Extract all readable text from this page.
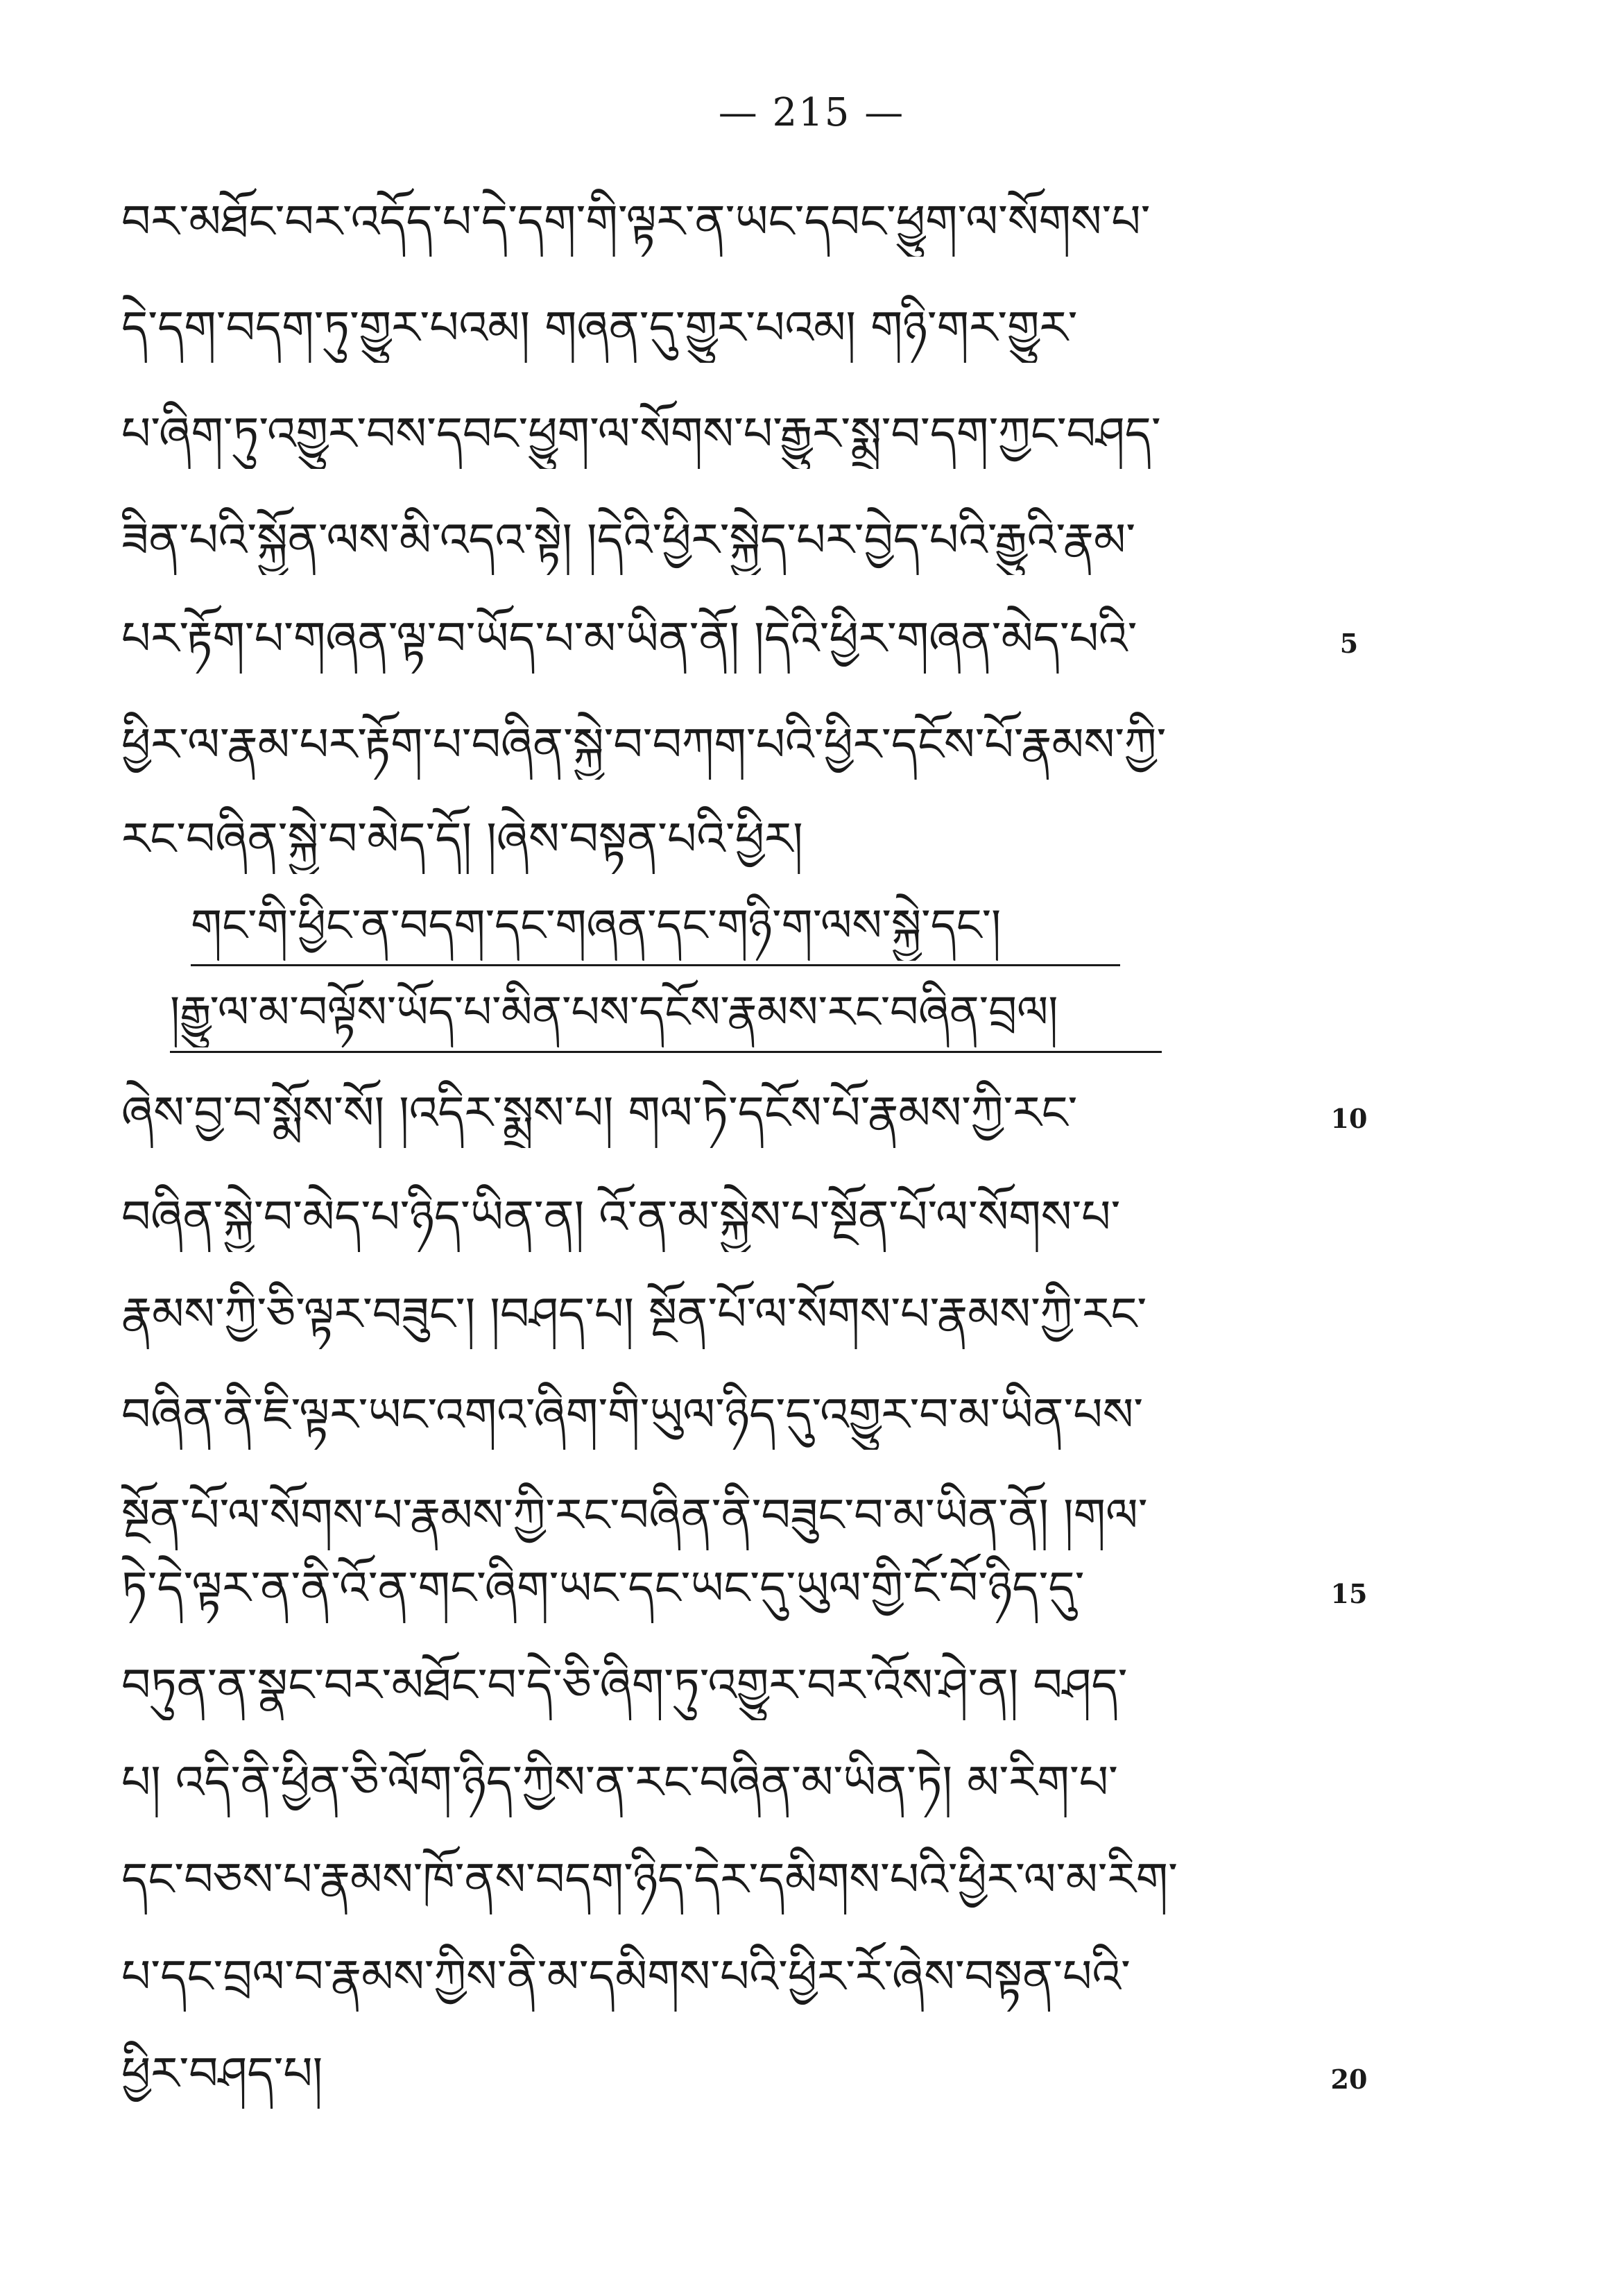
— 215 —
བར་མཐོང་བར་འདོད་པ་དེ་དག་གི་ལྟར་ན་ཡང་དབང་ཕྱུག་ལ་སོགས་པ་
དེ་དག་བདག་ཏུ་གྱུར་པའམ། གཞན་དུ་གྱུར་པའམ། གཉི་གར་གྱུར་
པ་ཞིག་ཏུ་འགྱུར་བས་དབང་ཕྱུག་ལ་སོགས་པ་རྒྱུར་སྨྲ་བ་དག་ཀྱང་བཤད་
ཟིན་པའི་སྐྱོན་ལས་མི་འདའ་སྟེ། །དེའི་ཕྱིར་སྐྱེད་པར་བྱེད་པའི་རྒྱུའི་རྣམ་
པར་རྟོག་པ་གཞན་ལྟ་བ་ཡོད་པ་མ་ཡིན་ནོ། །དེའི་ཕྱིར་གཞན་མེད་པའི་	5
ཕྱིར་ལ་རྣམ་པར་རྟོག་པ་བཞིན་སྐྱེ་བ་བཀག་པའི་ཕྱིར་དངོས་པོ་རྣམས་ཀྱི་
རང་བཞིན་སྐྱེ་བ་མེད་དོ། །ཞེས་བསྟན་པའི་ཕྱིར།
གང་གི་ཕྱིང་ན་བདག་དང་གཞན་དང་གཉི་ག་ལས་སྐྱེ་དང་།
།རྒྱུ་ལ་མ་བལྟོས་ཡོད་པ་མིན་པས་དངོས་རྣམས་རང་བཞིན་བྲལ།
ཞེས་བྱ་བ་སྨོས་སོ། །འདིར་སྨྲས་པ། གལ་ཏེ་དངོས་པོ་རྣམས་ཀྱི་རང་	10
བཞིན་སྐྱེ་བ་མེད་པ་ཉིད་ཡིན་ན། འོ་ན་མ་སྐྱེས་པ་སྔོན་པོ་ལ་སོགས་པ་
རྣམས་ཀྱི་ཅི་ལྟར་བཟུང་། །བཤད་པ། སྔོན་པོ་ལ་སོགས་པ་རྣམས་ཀྱི་རང་
བཞིན་ནི་ཇི་ལྟར་ཡང་འགའ་ཞིག་གི་ཡུལ་ཉིད་དུ་འགྱུར་བ་མ་ཡིན་པས་
སྔོན་པོ་ལ་སོགས་པ་རྣམས་ཀྱི་རང་བཞིན་ནི་བཟུང་བ་མ་ཡིན་ནོ། །གལ་
ཏེ་དེ་ལྟར་ན་ནི་འོ་ན་གང་ཞིག་ཡང་དང་ཡང་དུ་ཡུལ་གྱི་ངོ་བོ་ཉིད་དུ་	15
བཏུན་ན་སྣང་བར་མཐོང་བ་དེ་ཅི་ཞིག་ཏུ་འགྱུར་བར་འོས་ཤེ་ན། བཤད་
པ། འདི་ནི་ཕྱིན་ཅི་ལོག་ཉིད་ཀྱིས་ན་རང་བཞིན་མ་ཡིན་ཏེ། མ་རིག་པ་
དང་བཅས་པ་རྣམས་ཁོ་ནས་བདག་ཉིད་དེར་དམིགས་པའི་ཕྱིར་ལ་མ་རིག་
པ་དང་བྲལ་བ་རྣམས་ཀྱིས་ནི་མ་དམིགས་པའི་ཕྱིར་རོ་ཞེས་བསྟན་པའི་
ཕྱིར་བཤད་པ།	20
